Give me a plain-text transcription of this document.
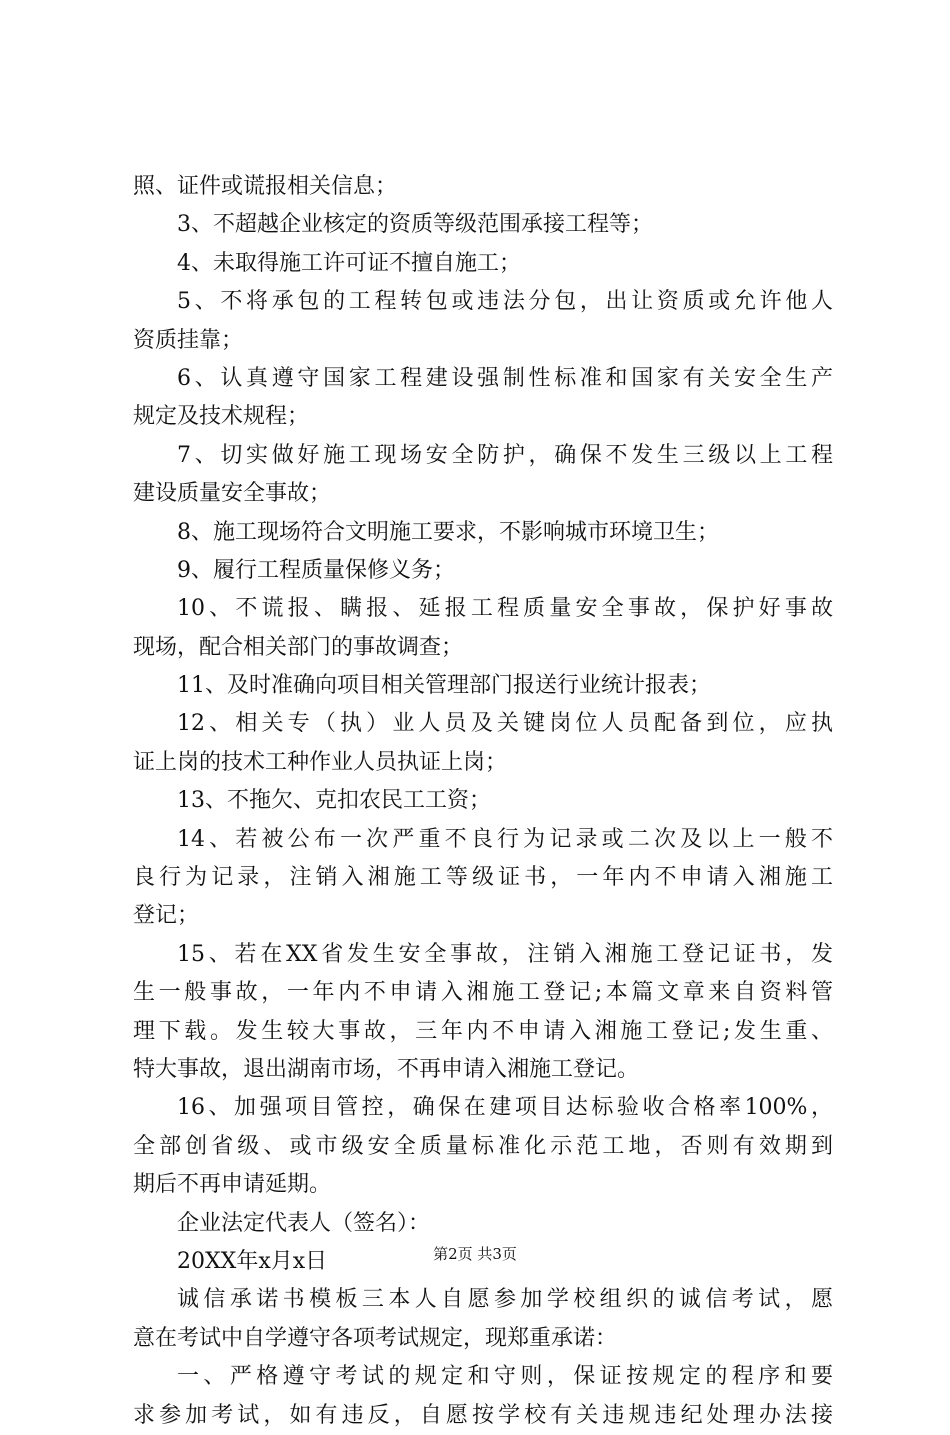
照、证件或谎报相关信息；
3、不超越企业核定的资质等级范围承接工程等；
4、未取得施工许可证不擅自施工；
5、不将承包的工程转包或违法分包，出让资质或允许他人
资质挂靠；
6、认真遵守国家工程建设强制性标准和国家有关安全生产
规定及技术规程；
7、切实做好施工现场安全防护，确保不发生三级以上工程
建设质量安全事故；
8、施工现场符合文明施工要求，不影响城市环境卫生；
9、履行工程质量保修义务；
10、不谎报、瞒报、延报工程质量安全事故，保护好事故
现场，配合相关部门的事故调查；
11、及时准确向项目相关管理部门报送行业统计报表；
12、相关专（执）业人员及关键岗位人员配备到位，应执
证上岗的技术工种作业人员执证上岗；
13、不拖欠、克扣农民工工资；
14、若被公布一次严重不良行为记录或二次及以上一般不
良行为记录，注销入湘施工等级证书，一年内不申请入湘施工
登记；
15、若在XX省发生安全事故，注销入湘施工登记证书，发
生一般事故，一年内不申请入湘施工登记;本篇文章来自资料管
理下载。发生较大事故，三年内不申请入湘施工登记;发生重、
特大事故，退出湖南市场，不再申请入湘施工登记。
16、加强项目管控，确保在建项目达标验收合格率100%，
全部创省级、或市级安全质量标准化示范工地，否则有效期到
期后不再申请延期。
企业法定代表人（签名）：
20XX年x月x日
诚信承诺书模板三本人自愿参加学校组织的诚信考试，愿
意在考试中自学遵守各项考试规定，现郑重承诺：
一、严格遵守考试的规定和守则，保证按规定的程序和要
求参加考试，如有违反，自愿按学校有关违规违纪处理办法接
第2页 共3页
